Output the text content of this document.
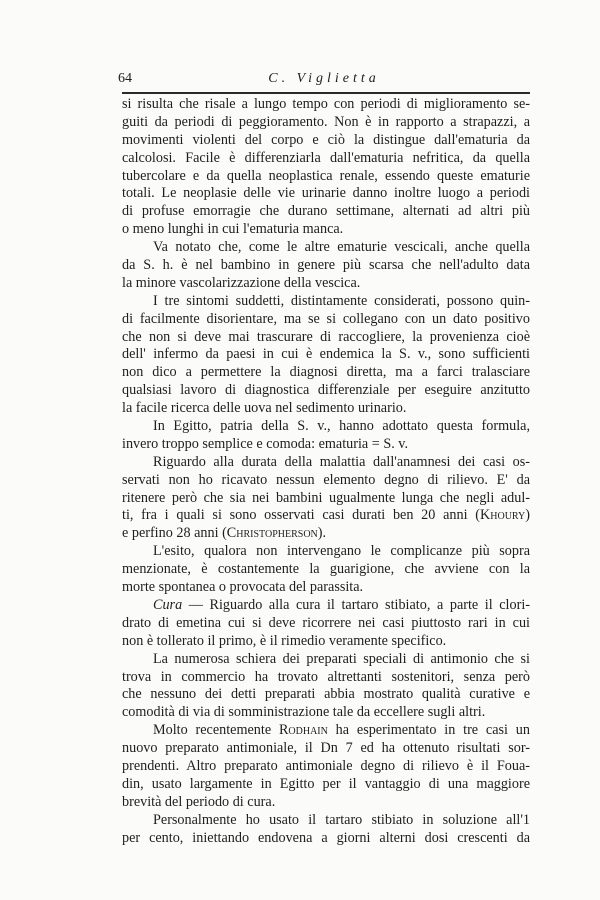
64	C. Viglietta
si risulta che risale a lungo tempo con periodi di miglioramento se-
guiti da periodi di peggioramento. Non è in rapporto a strapazzi, a
movimenti violenti del corpo e ciò la distingue dall'ematuria da
calcolosi. Facile è differenziarla dall'ematuria nefritica, da quella
tubercolare e da quella neoplastica renale, essendo queste ematurie
totali. Le neoplasie delle vie urinarie danno inoltre luogo a periodi
di profuse emorragie che durano settimane, alternati ad altri più
o meno lunghi in cui l'ematuria manca.
Va notato che, come le altre ematurie vescicali, anche quella
da S. h. è nel bambino in genere più scarsa che nell'adulto data
la minore vascolarizzazione della vescica.
I tre sintomi suddetti, distintamente considerati, possono quin-
di facilmente disorientare, ma se si collegano con un dato positivo
che non si deve mai trascurare di raccogliere, la provenienza cioè
dell' infermo da paesi in cui è endemica la S. v., sono sufficienti
non dico a permettere la diagnosi diretta, ma a farci tralasciare
qualsiasi lavoro di diagnostica differenziale per eseguire anzitutto
la facile ricerca delle uova nel sedimento urinario.
In Egitto, patria della S. v., hanno adottato questa formula,
invero troppo semplice e comoda: ematuria = S. v.
Riguardo alla durata della malattia dall'anamnesi dei casi os-
servati non ho ricavato nessun elemento degno di rilievo. E' da
ritenere però che sia nei bambini ugualmente lunga che negli adul-
ti, fra i quali si sono osservati casi durati ben 20 anni (Khoury)
e perfino 28 anni (Christopherson).
L'esito, qualora non intervengano le complicanze più sopra
menzionate, è costantemente la guarigione, che avviene con la
morte spontanea o provocata del parassita.
Cura — Riguardo alla cura il tartaro stibiato, a parte il clori-
drato di emetina cui si deve ricorrere nei casi piuttosto rari in cui
non è tollerato il primo, è il rimedio veramente specifico.
La numerosa schiera dei preparati speciali di antimonio che si
trova in commercio ha trovato altrettanti sostenitori, senza però
che nessuno dei detti preparati abbia mostrato qualità curative e
comodità di via di somministrazione tale da eccellere sugli altri.
Molto recentemente Rodhain ha esperimentato in tre casi un
nuovo preparato antimoniale, il Dn 7 ed ha ottenuto risultati sor-
prendenti. Altro preparato antimoniale degno di rilievo è il Foua-
din, usato largamente in Egitto per il vantaggio di una maggiore
brevità del periodo di cura.
Personalmente ho usato il tartaro stibiato in soluzione all'1
per cento, iniettando endovena a giorni alterni dosi crescenti da
